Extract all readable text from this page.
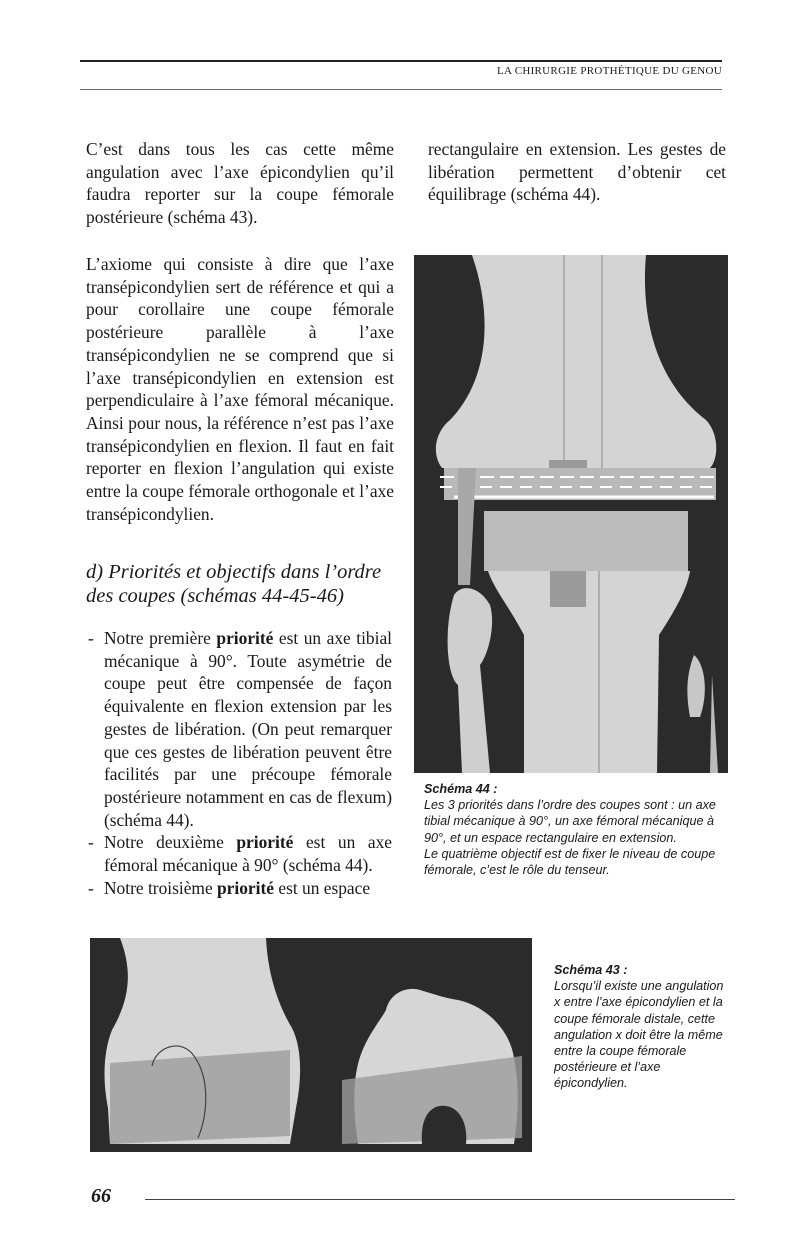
LA CHIRURGIE PROTHÉTIQUE DU GENOU

C’est dans tous les cas cette même angulation avec l’axe épicondylien qu’il faudra reporter sur la coupe fémorale postérieure (schéma 43).

L’axiome qui consiste à dire que l’axe transépicondylien sert de référence et qui a pour corollaire une coupe fémorale postérieure parallèle à l’axe transépicondylien ne se comprend que si l’axe transépicondylien en extension est perpendiculaire à l’axe fémoral mécanique. Ainsi pour nous, la référence n’est pas l’axe transépicondylien en flexion. Il faut en fait reporter en flexion l’angulation qui existe entre la coupe fémorale orthogonale et l’axe transépicondylien.

d) Priorités et objectifs dans l’ordre
des coupes (schémas 44-45-46)
- Notre première priorité est un axe tibial mécanique à 90°. Toute asymétrie de coupe peut être compensée de façon équivalente en flexion extension par les gestes de libération. (On peut remarquer que ces gestes de libération peuvent être facilités par une précoupe fémorale postérieure notamment en cas de flexum) (schéma 44).
- Notre deuxième priorité est un axe fémoral mécanique à 90° (schéma 44).
- Notre troisième priorité est un espace

rectangulaire en extension. Les gestes de libération permettent d’obtenir cet équilibrage (schéma 44).

Schéma 44 :
Les 3 priorités dans l’ordre des coupes sont : un axe tibial mécanique à 90°, un axe fémoral mécanique à 90°, et un espace rectangulaire en extension.
Le quatrième objectif est de fixer le niveau de coupe fémorale, c’est le rôle du tenseur.
Schéma 43 :
Lorsqu’il existe une angulation x entre l’axe épicondylien et la coupe fémorale distale, cette angulation x doit être la même entre la coupe fémorale postérieure et l’axe épicondylien.
66
